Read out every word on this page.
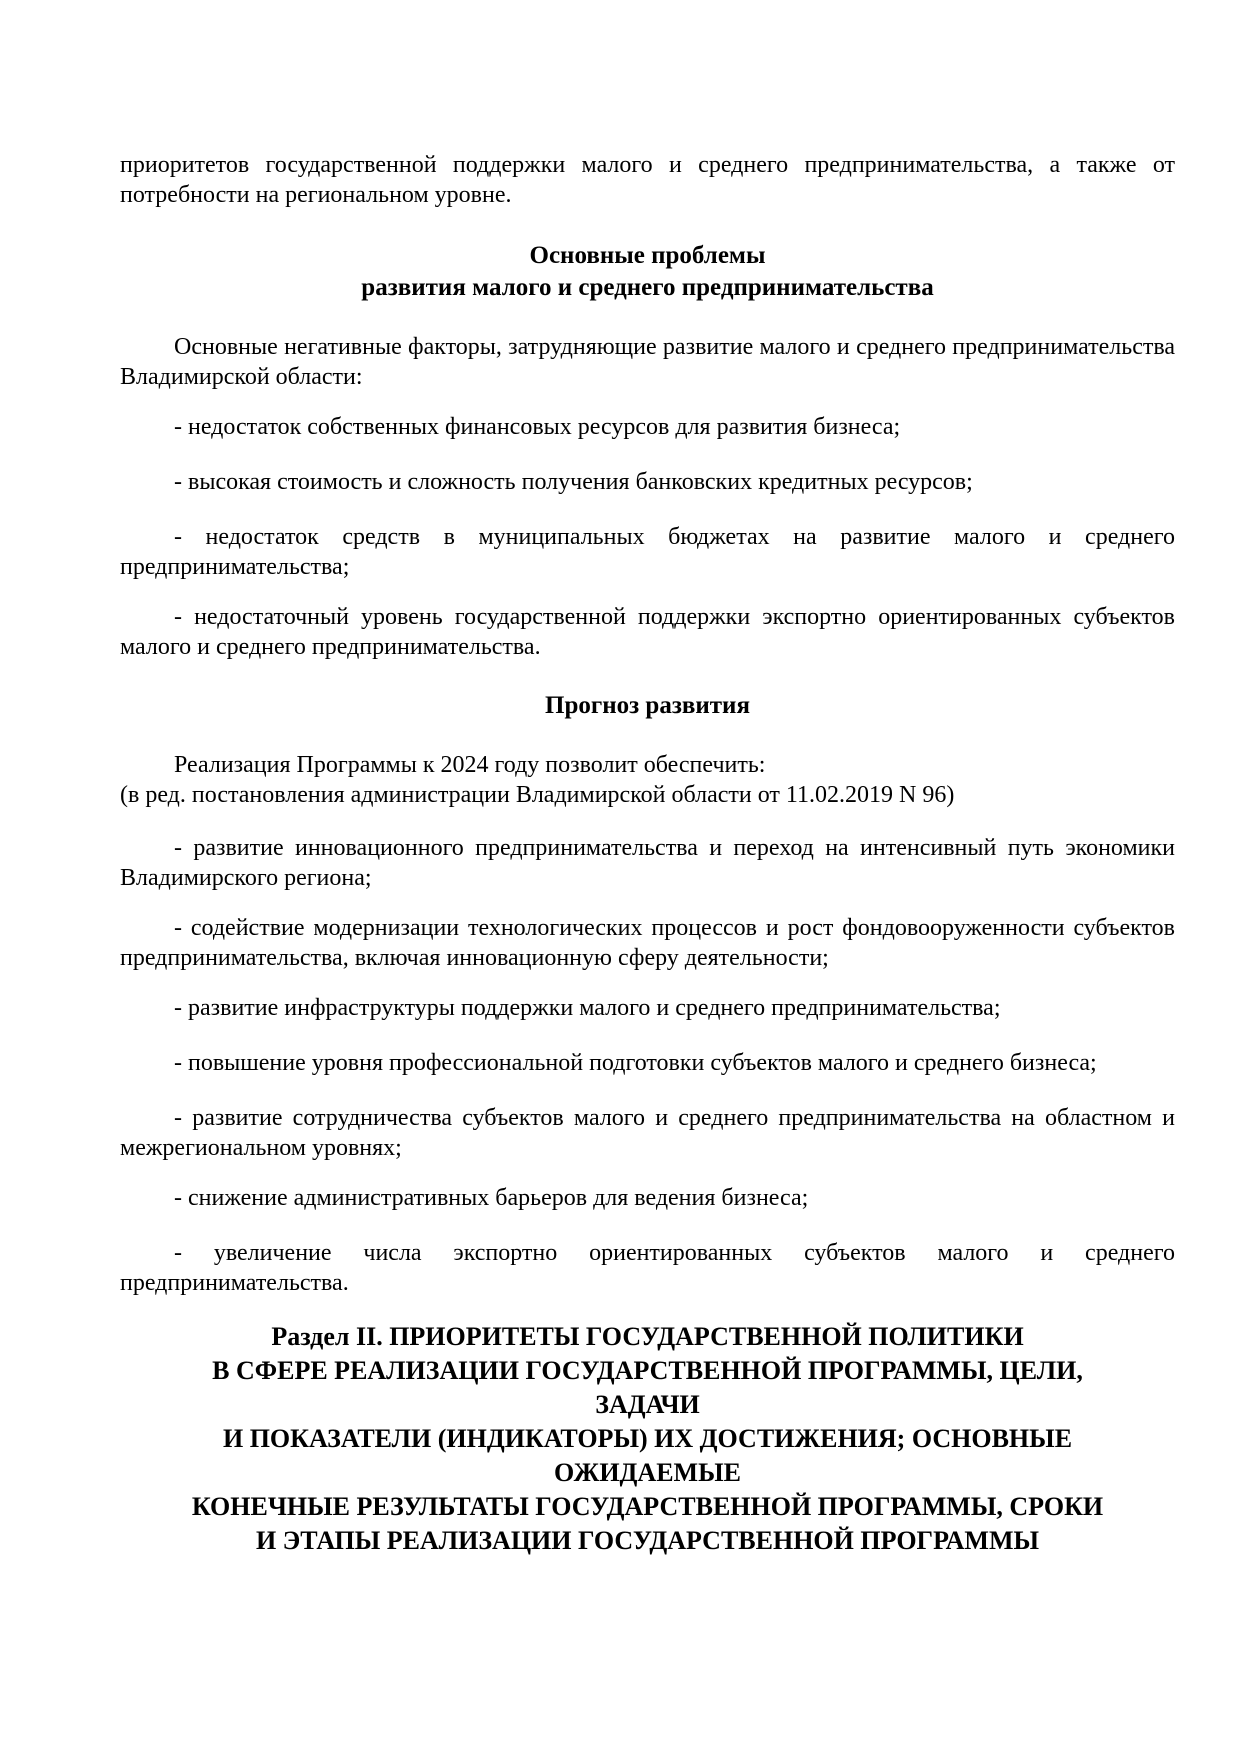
приоритетов государственной поддержки малого и среднего предпринимательства, а также от потребности на региональном уровне.

Основные проблемы
развития малого и среднего предпринимательства

Основные негативные факторы, затрудняющие развитие малого и среднего предпринимательства Владимирской области:

- недостаток собственных финансовых ресурсов для развития бизнеса;

- высокая стоимость и сложность получения банковских кредитных ресурсов;

- недостаток средств в муниципальных бюджетах на развитие малого и среднего предпринимательства;

- недостаточный уровень государственной поддержки экспортно ориентированных субъектов малого и среднего предпринимательства.

Прогноз развития

Реализация Программы к 2024 году позволит обеспечить:
(в ред. постановления администрации Владимирской области от 11.02.2019 N 96)

- развитие инновационного предпринимательства и переход на интенсивный путь экономики Владимирского региона;

- содействие модернизации технологических процессов и рост фондовооруженности субъектов предпринимательства, включая инновационную сферу деятельности;

- развитие инфраструктуры поддержки малого и среднего предпринимательства;

- повышение уровня профессиональной подготовки субъектов малого и среднего бизнеса;

- развитие сотрудничества субъектов малого и среднего предпринимательства на областном и межрегиональном уровнях;

- снижение административных барьеров для ведения бизнеса;

- увеличение числа экспортно ориентированных субъектов малого и среднего предпринимательства.

Раздел II. ПРИОРИТЕТЫ ГОСУДАРСТВЕННОЙ ПОЛИТИКИ
В СФЕРЕ РЕАЛИЗАЦИИ ГОСУДАРСТВЕННОЙ ПРОГРАММЫ, ЦЕЛИ,
ЗАДАЧИ
И ПОКАЗАТЕЛИ (ИНДИКАТОРЫ) ИХ ДОСТИЖЕНИЯ; ОСНОВНЫЕ
ОЖИДАЕМЫЕ
КОНЕЧНЫЕ РЕЗУЛЬТАТЫ ГОСУДАРСТВЕННОЙ ПРОГРАММЫ, СРОКИ
И ЭТАПЫ РЕАЛИЗАЦИИ ГОСУДАРСТВЕННОЙ ПРОГРАММЫ
